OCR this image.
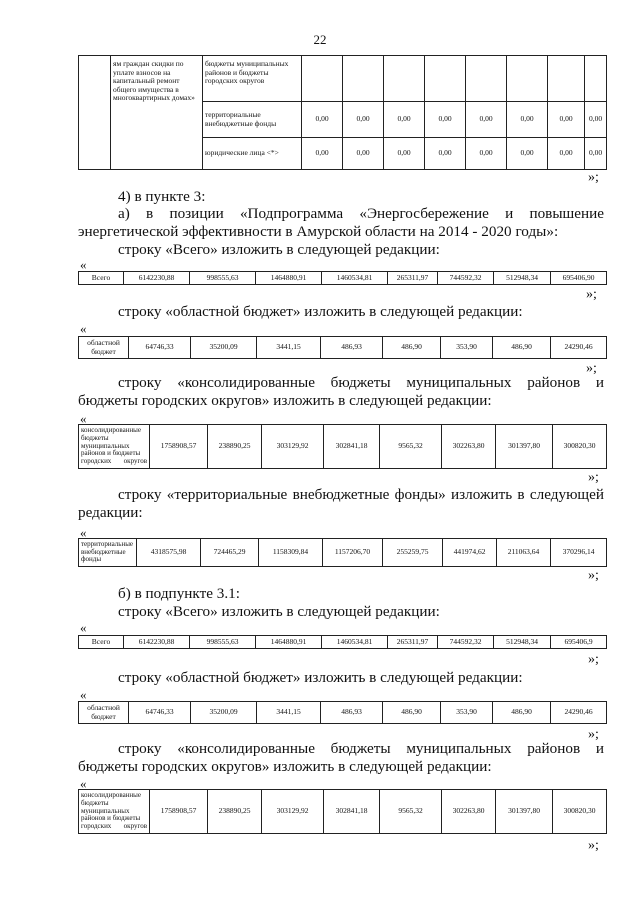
22
	ям граждан скидки по уплате взносов на капитальный ремонт общего имущества в многоквартирных домах»	бюджеты муниципальных районов и бюджеты городских округов								
		территориальные внебюджетные фонды	0,00	0,00	0,00	0,00	0,00	0,00	0,00	0,00
		юридические лица <*>	0,00	0,00	0,00	0,00	0,00	0,00	0,00	0,00
»;
4) в пункте 3:
а) в позиции «Подпрограмма «Энергосбережение и повышение энергетической эффективности в Амурской области на 2014 - 2020 годы»:
строку «Всего» изложить в следующей редакции:
«
Всего	6142230,88	998555,63	1464880,91	1460534,81	265311,97	744592,32	512948,34	695406,90
»;
строку «областной бюджет» изложить в следующей редакции:
«
областной бюджет	64746,33	35200,09	3441,15	486,93	486,90	353,90	486,90	24290,46
»;
строку «консолидированные бюджеты муниципальных районов и бюджеты городских округов» изложить в следующей редакции:
«
консолидированные бюджеты муниципальных районов и бюджеты городских округов	1758908,57	238890,25	303129,92	302841,18	9565,32	302263,80	301397,80	300820,30
»;
строку «территориальные внебюджетные фонды» изложить в следующей редакции:
«
территориальные внебюджетные фонды	4318575,98	724465,29	1158309,84	1157206,70	255259,75	441974,62	211063,64	370296,14
»;
б) в подпункте 3.1:
строку «Всего» изложить в следующей редакции:
«
Всего	6142230,88	998555,63	1464880,91	1460534,81	265311,97	744592,32	512948,34	695406,9
»;
строку «областной бюджет» изложить в следующей редакции:
«
областной бюджет	64746,33	35200,09	3441,15	486,93	486,90	353,90	486,90	24290,46
»;
строку «консолидированные бюджеты муниципальных районов и бюджеты городских округов» изложить в следующей редакции:
«
консолидированные бюджеты муниципальных районов и бюджеты городских округов	1758908,57	238890,25	303129,92	302841,18	9565,32	302263,80	301397,80	300820,30
»;
